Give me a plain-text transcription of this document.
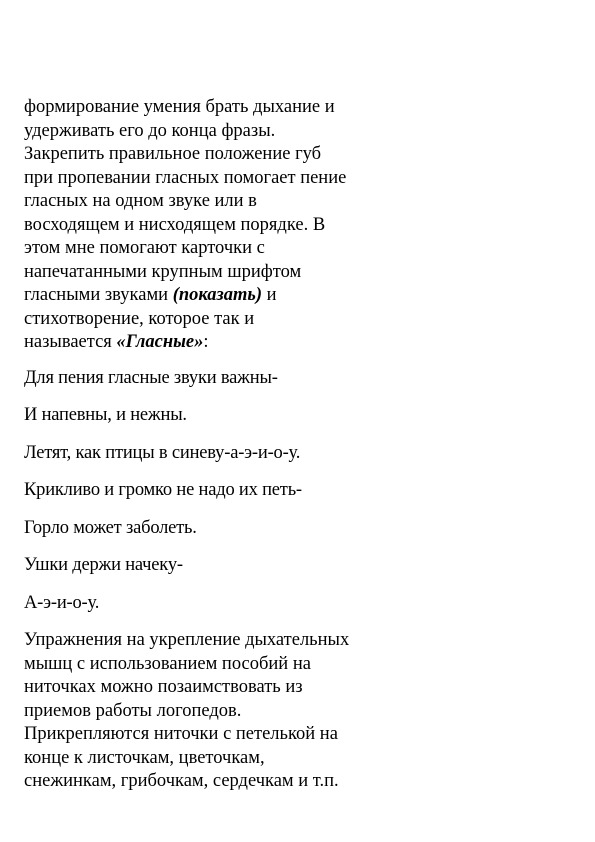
формирование умения брать дыхание и
удерживать его до конца фразы.
Закрепить правильное положение губ
при пропевании гласных помогает пение
гласных на одном звуке или в
восходящем и нисходящем порядке. В
этом мне помогают карточки с
напечатанными крупным шрифтом
гласными звуками (показать) и
стихотворение, которое так и
называется «Гласные»:

Для пения гласные звуки важны-
И напевны, и нежны.
Летят, как птицы в синеву-а-э-и-о-у.
Крикливо и громко не надо их петь-
Горло может заболеть.
Ушки держи начеку-
А-э-и-о-у.

Упражнения на укрепление дыхательных
мышц с использованием пособий на
ниточках можно позаимствовать из
приемов работы логопедов.
Прикрепляются ниточки с петелькой на
конце к листочкам, цветочкам,
снежинкам, грибочкам, сердечкам и т.п.
